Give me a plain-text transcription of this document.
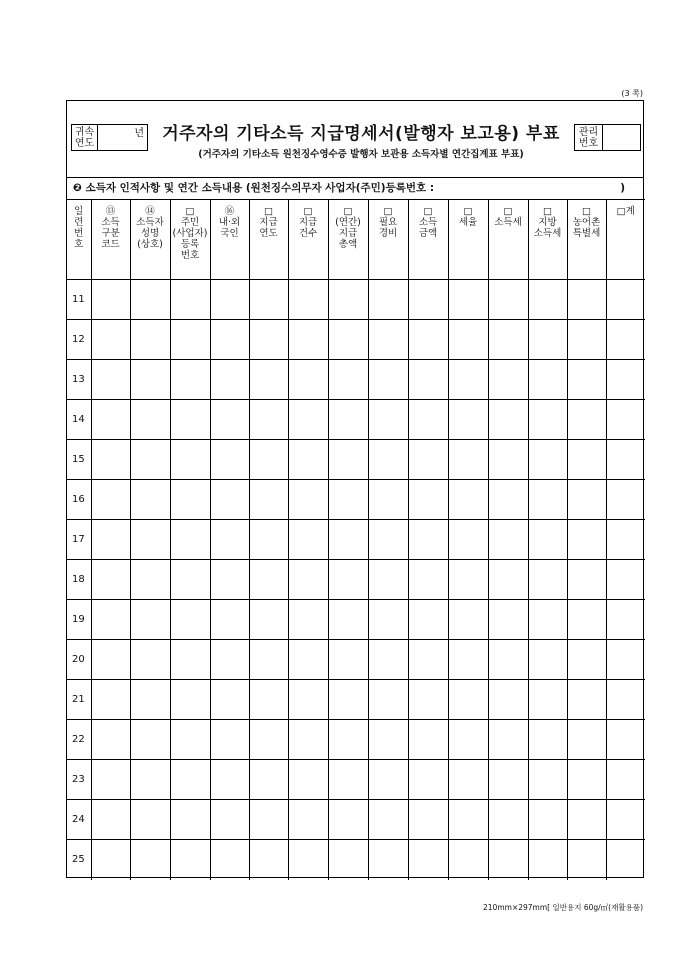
(3 쪽)
귀속
연도
년	거주자의 기타소득 지급명세서(발행자 보고용) 부표
(거주자의 기타소득 원천징수영수증 발행자 보관용 소득자별 연간집계표 부표)
관리
번호
❷ 소득자 인적사항 및 연간 소득내용 (원천징수의무자 사업자(주민)등록번호 :	)
일
련
번
호	⑬
소득
구분
코드	⑭
소득자
성명
(상호)	□
주민
(사업자)
등록
번호	⑯
내·외
국인	□
지급
연도	□
지급
건수	□
(연간)
지급
총액	□
필요
경비	□
소득
금액	□
세율	□
소득세	□
지방
소득세	□
농어촌
특별세	□계

11														
12														
13														
14														
15														
16														
17														
18														
19														
20														
21														
22														
23														
24														
25														
210mm×297mm[ 일반용지 60g/㎡(재활용품)
